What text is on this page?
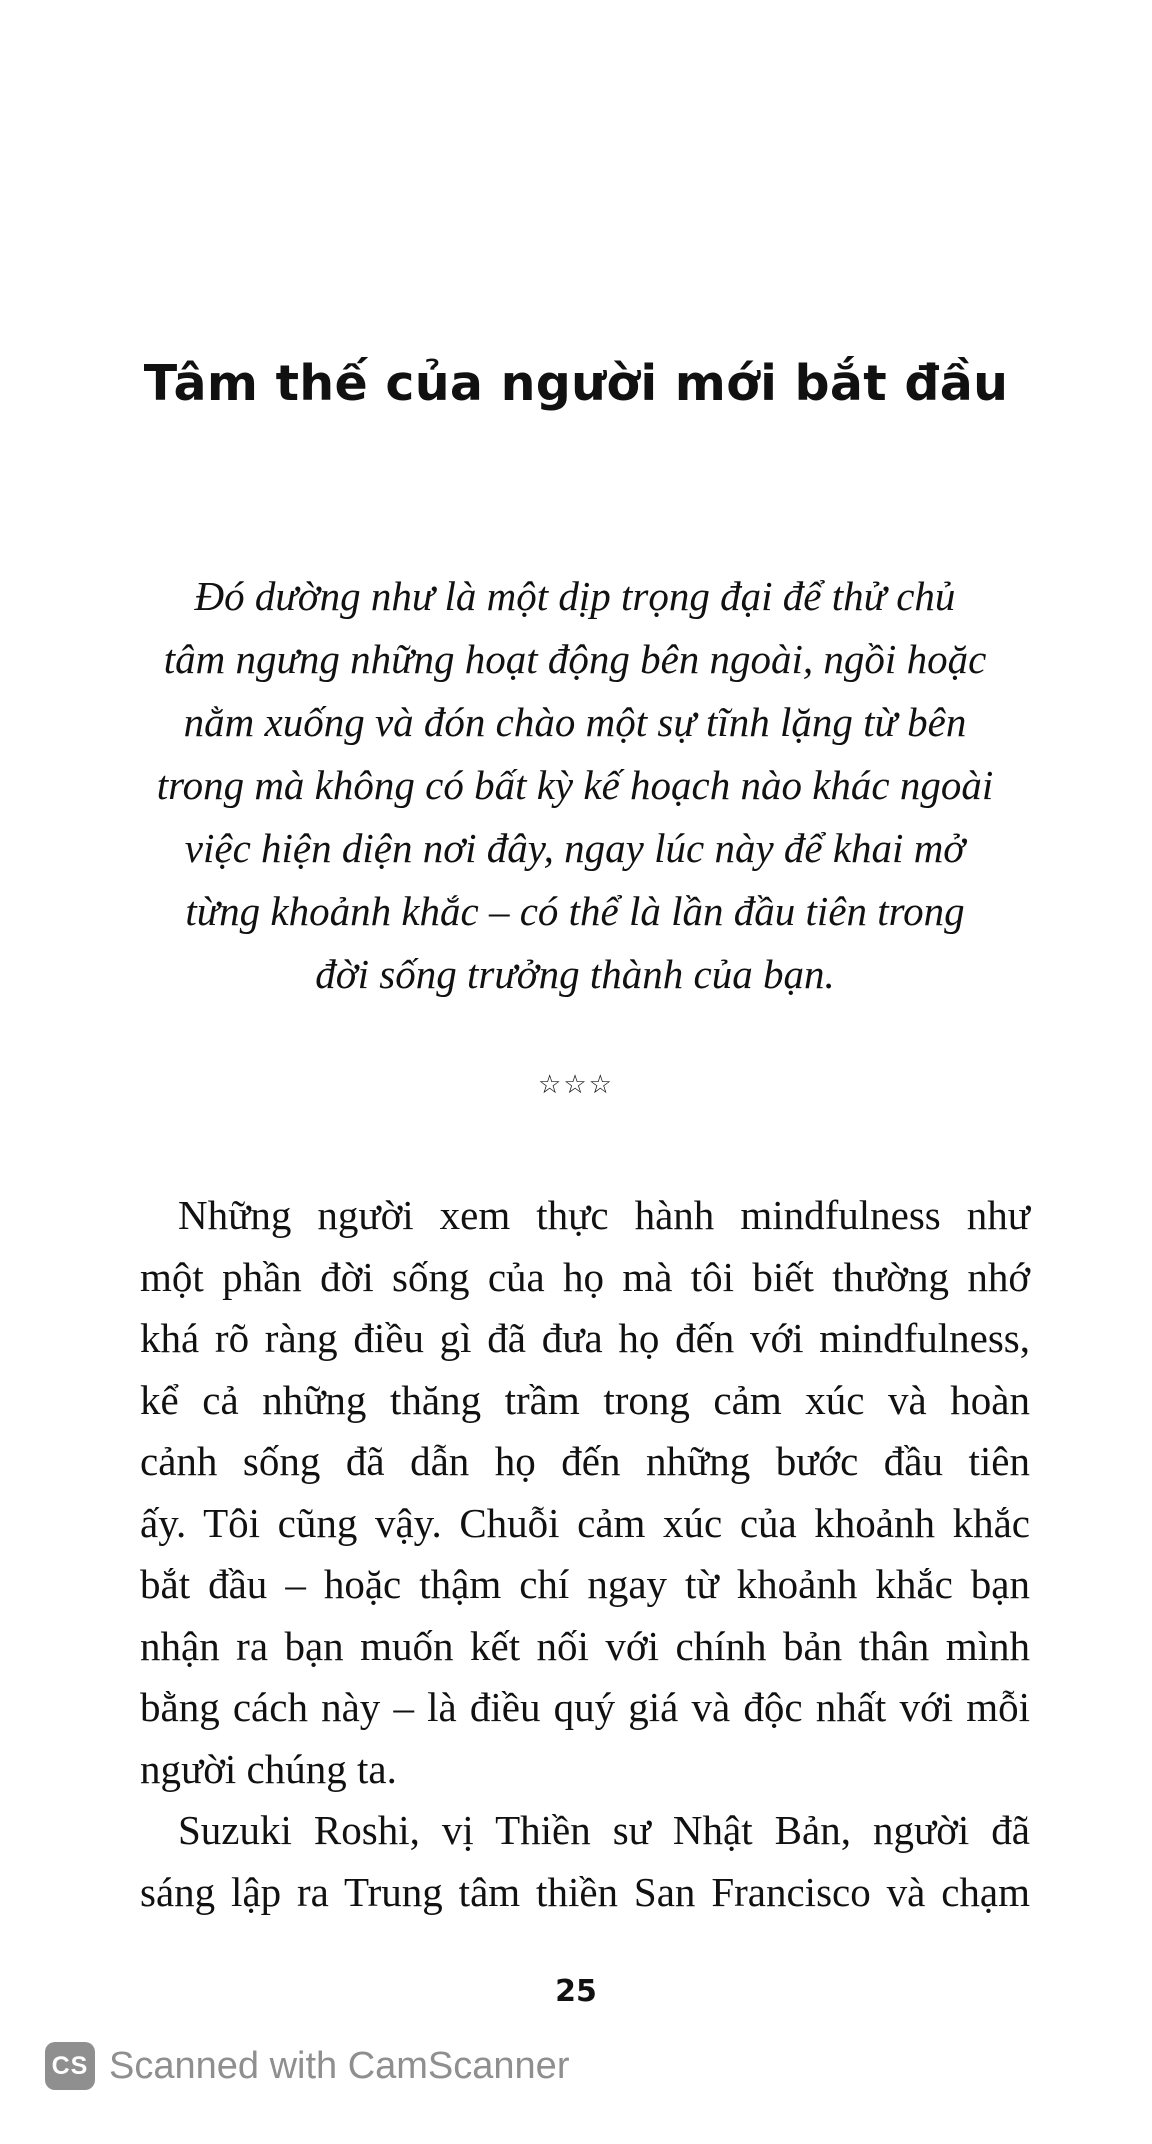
Tâm thế của người mới bắt đầu
Đó dường như là một dịp trọng đại để thử chủ
tâm ngưng những hoạt động bên ngoài, ngồi hoặc
nằm xuống và đón chào một sự tĩnh lặng từ bên
trong mà không có bất kỳ kế hoạch nào khác ngoài
việc hiện diện nơi đây, ngay lúc này để khai mở
từng khoảnh khắc – có thể là lần đầu tiên trong
đời sống trưởng thành của bạn.
☆☆☆
Những người xem thực hành mindfulness như
một phần đời sống của họ mà tôi biết thường nhớ
khá rõ ràng điều gì đã đưa họ đến với mindfulness,
kể cả những thăng trầm trong cảm xúc và hoàn
cảnh sống đã dẫn họ đến những bước đầu tiên
ấy. Tôi cũng vậy. Chuỗi cảm xúc của khoảnh khắc
bắt đầu – hoặc thậm chí ngay từ khoảnh khắc bạn
nhận ra bạn muốn kết nối với chính bản thân mình
bằng cách này – là điều quý giá và độc nhất với mỗi
người chúng ta.
Suzuki Roshi, vị Thiền sư Nhật Bản, người đã
sáng lập ra Trung tâm thiền San Francisco và chạm
25
CS Scanned with CamScanner
